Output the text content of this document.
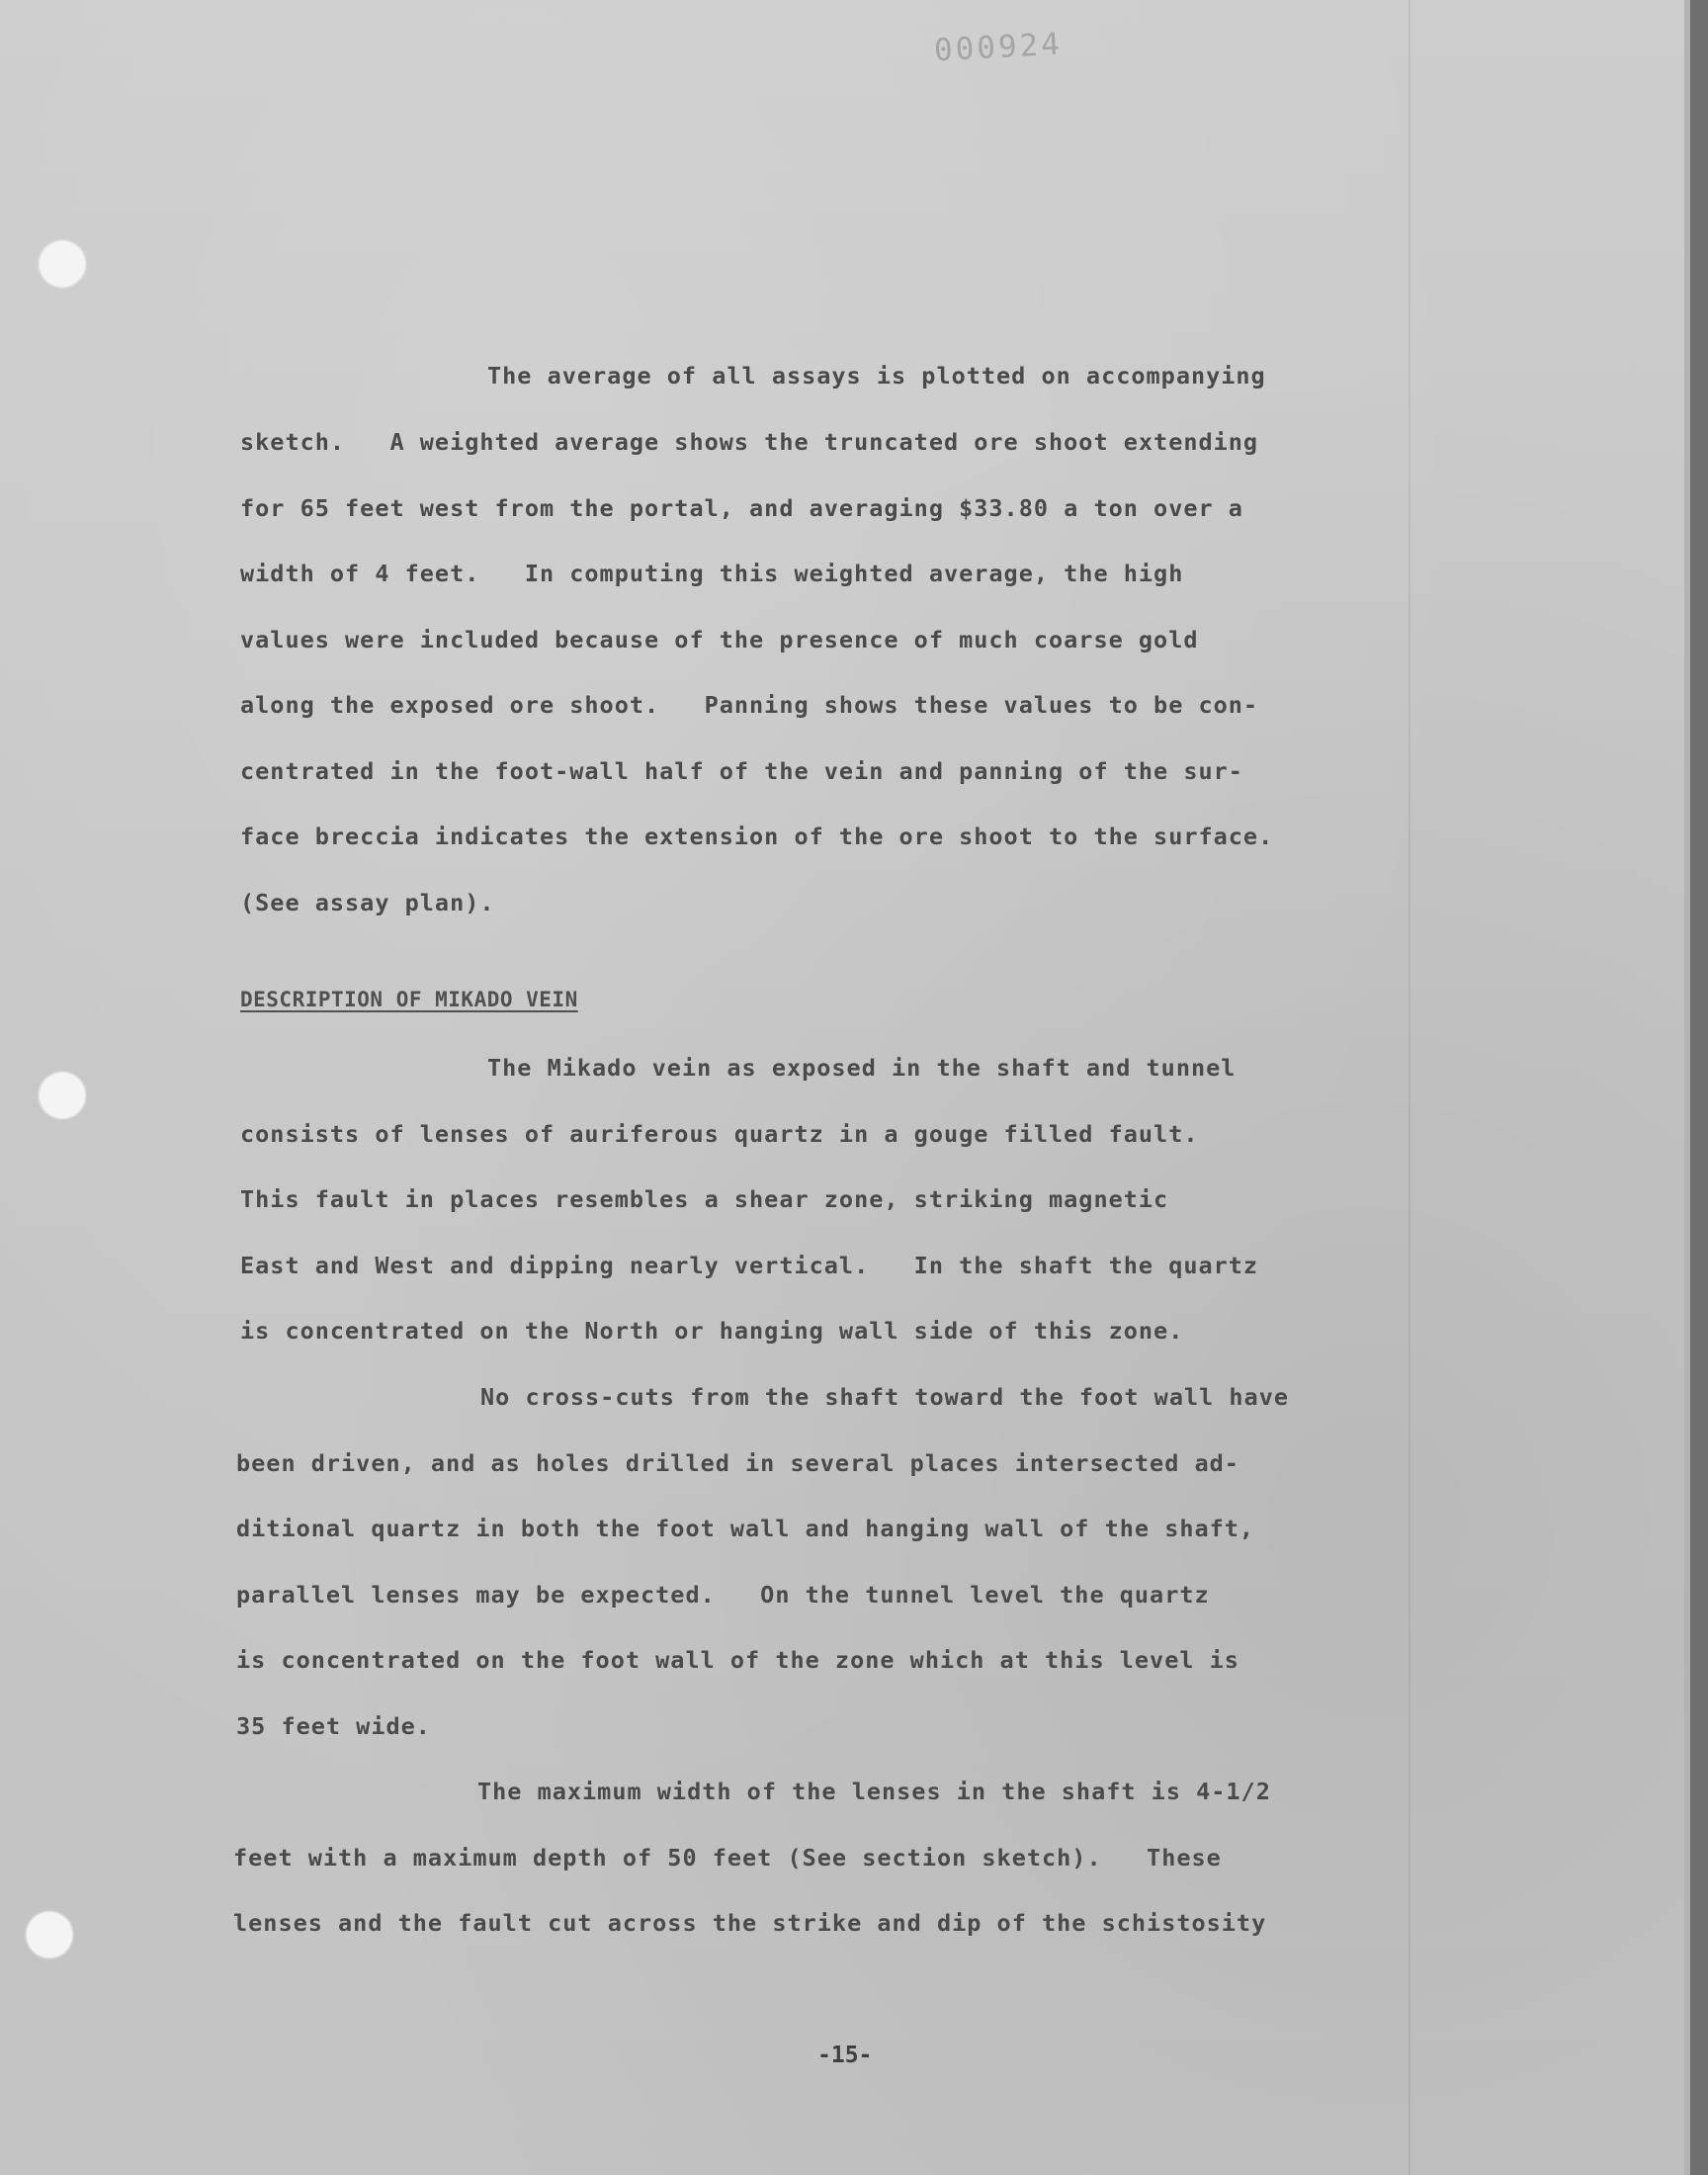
000924
The average of all assays is plotted on accompanying
sketch.   A weighted average shows the truncated ore shoot extending
for 65 feet west from the portal, and averaging $33.80 a ton over a
width of 4 feet.   In computing this weighted average, the high
values were included because of the presence of much coarse gold
along the exposed ore shoot.   Panning shows these values to be con-
centrated in the foot-wall half of the vein and panning of the sur-
face breccia indicates the extension of the ore shoot to the surface.
(See assay plan).
DESCRIPTION OF MIKADO VEIN
The Mikado vein as exposed in the shaft and tunnel
consists of lenses of auriferous quartz in a gouge filled fault.
This fault in places resembles a shear zone, striking magnetic
East and West and dipping nearly vertical.   In the shaft the quartz
is concentrated on the North or hanging wall side of this zone.
No cross-cuts from the shaft toward the foot wall have
been driven, and as holes drilled in several places intersected ad-
ditional quartz in both the foot wall and hanging wall of the shaft,
parallel lenses may be expected.   On the tunnel level the quartz
is concentrated on the foot wall of the zone which at this level is
35 feet wide.
The maximum width of the lenses in the shaft is 4-1/2
feet with a maximum depth of 50 feet (See section sketch).   These
lenses and the fault cut across the strike and dip of the schistosity
-15-
